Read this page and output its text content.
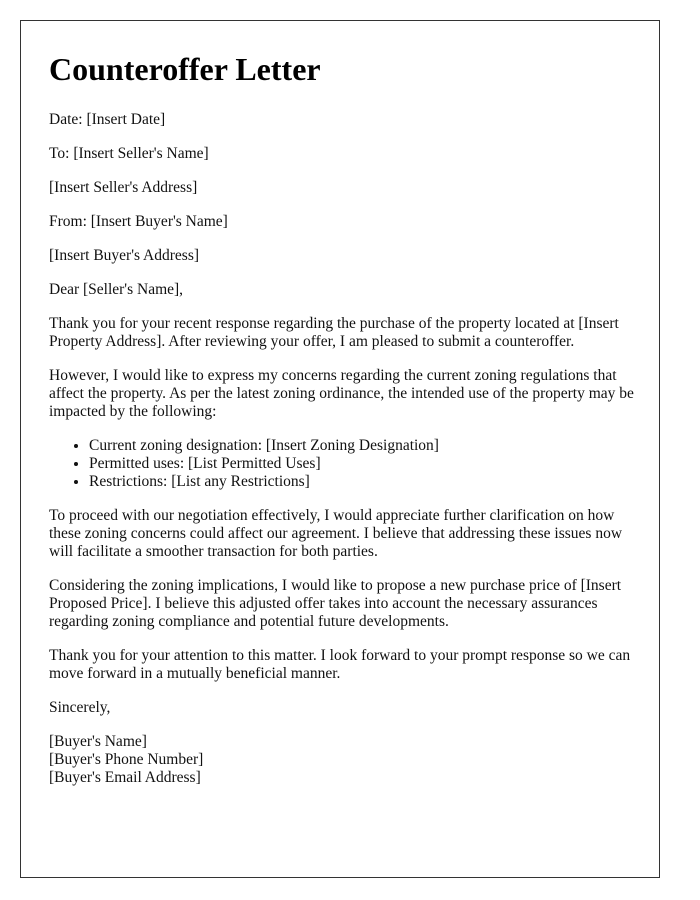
Counteroffer Letter

Date: [Insert Date]

To: [Insert Seller's Name]

[Insert Seller's Address]

From: [Insert Buyer's Name]

[Insert Buyer's Address]

Dear [Seller's Name],

Thank you for your recent response regarding the purchase of the property located at [Insert Property Address]. After reviewing your offer, I am pleased to submit a counteroffer.

However, I would like to express my concerns regarding the current zoning regulations that affect the property. As per the latest zoning ordinance, the intended use of the property may be impacted by the following:

• Current zoning designation: [Insert Zoning Designation]
• Permitted uses: [List Permitted Uses]
• Restrictions: [List any Restrictions]

To proceed with our negotiation effectively, I would appreciate further clarification on how these zoning concerns could affect our agreement. I believe that addressing these issues now will facilitate a smoother transaction for both parties.

Considering the zoning implications, I would like to propose a new purchase price of [Insert Proposed Price]. I believe this adjusted offer takes into account the necessary assurances regarding zoning compliance and potential future developments.

Thank you for your attention to this matter. I look forward to your prompt response so we can move forward in a mutually beneficial manner.

Sincerely,

[Buyer's Name]

[Buyer's Phone Number]

[Buyer's Email Address]
